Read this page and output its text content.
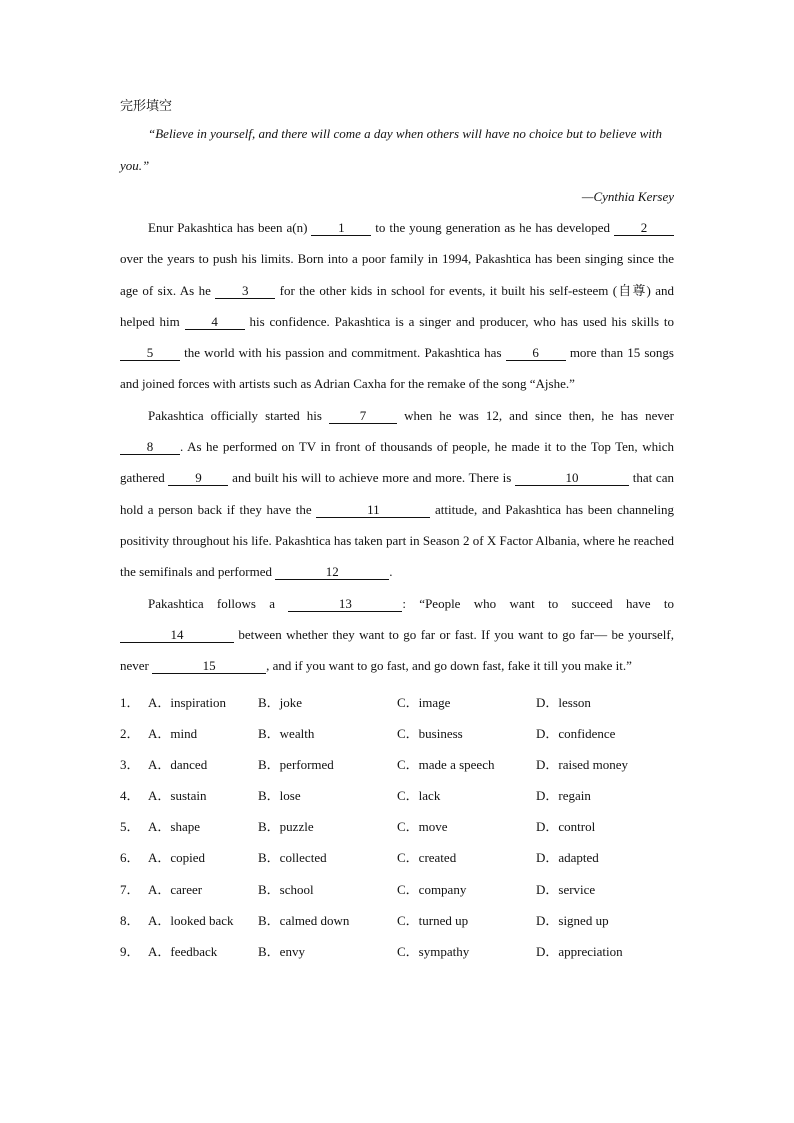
完形填空

“Believe in yourself, and there will come a day when others will have no choice but to believe with you.”

—Cynthia Kersey

Enur Pakashtica has been a(n) 1 to the young generation as he has developed 2 over the years to push his limits. Born into a poor family in 1994, Pakashtica has been singing since the age of six. As he 3 for the other kids in school for events, it built his self-esteem (自尊) and helped him 4 his confidence. Pakashtica is a singer and producer, who has used his skills to 5 the world with his passion and commitment. Pakashtica has 6 more than 15 songs and joined forces with artists such as Adrian Caxha for the remake of the song “Ajshe.”

Pakashtica officially started his 7 when he was 12, and since then, he has never 8 . As he performed on TV in front of thousands of people, he made it to the Top Ten, which gathered 9 and built his will to achieve more and more. There is	10	that can hold a person back if they have the	11	attitude, and Pakashtica has been channeling positivity throughout his life. Pakashtica has taken part in Season 2 of X Factor Albania, where he reached the semifinals and performed	12	.

Pakashtica follows a	13	: “People who want to succeed have to 14	between whether they want to go far or fast. If you want to go far— be yourself, never	15	, and if you want to go fast, and go down fast, fake it till you make it.”

1． A．inspiration	B．joke	C．image	D．lesson
2． A．mind	B．wealth	C．business	D．confidence
3． A．danced	B．performed	C．made a speech	D．raised money
4． A．sustain	B．lose	C．lack	D．regain
5． A．shape	B．puzzle	C．move	D．control
6． A．copied	B．collected	C．created	D．adapted
7． A．career	B．school	C．company	D．service
8． A．looked back	B．calmed down	C．turned up	D．signed up
9． A．feedback	B．envy	C．sympathy	D．appreciation
